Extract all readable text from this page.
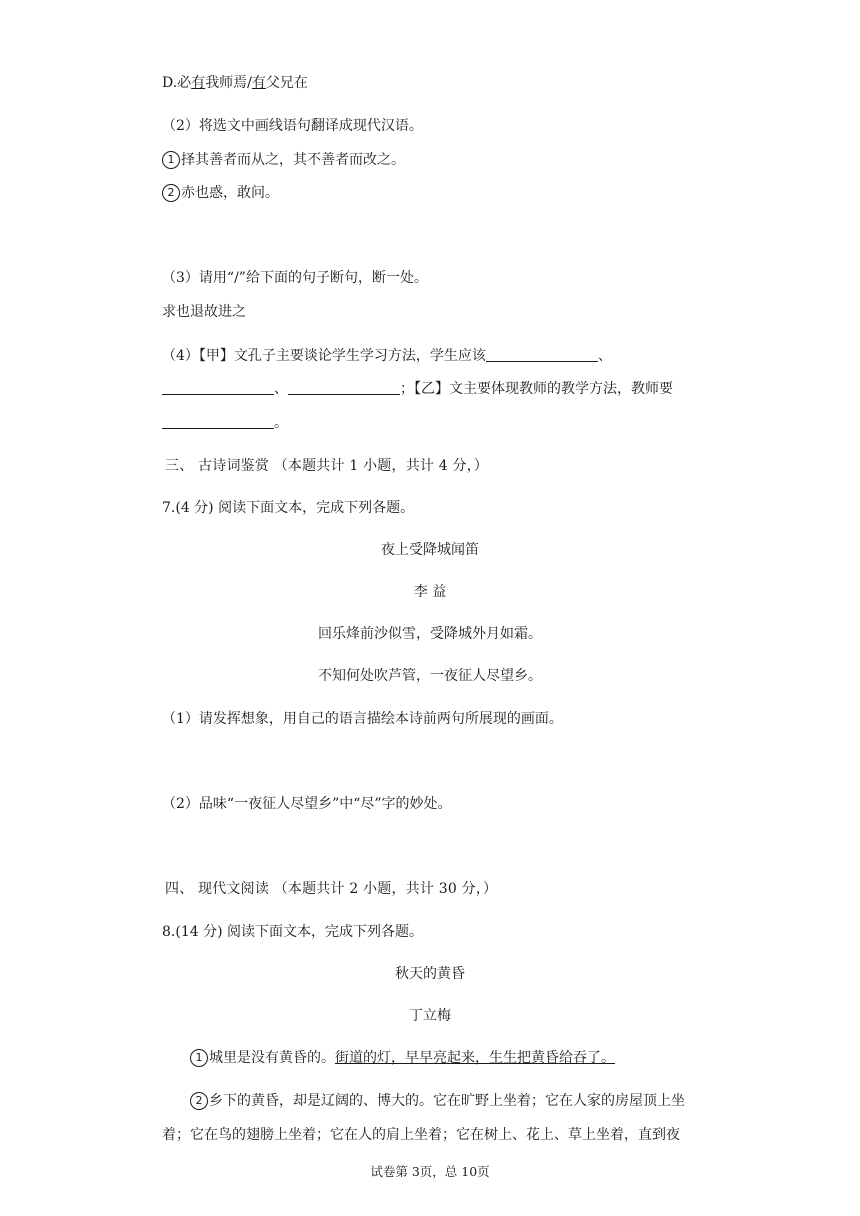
D.必有我师焉/有父兄在
（2）将选文中画线语句翻译成现代汉语。
1 择其善者而从之，其不善者而改之。
2 赤也惑，敢问。
（3）请用“/”给下面的句子断句，断一处。
求也退故进之
（4）【甲】文孔子主要谈论学生学习方法，学生应该	、
、	；【乙】文主要体现教师的教学方法，教师要
。
三、 古诗词鉴赏 （本题共计 1 小题，共计 4 分，）
7.(4 分) 阅读下面文本，完成下列各题。
夜上受降城闻笛
李 益
回乐烽前沙似雪，受降城外月如霜。
不知何处吹芦管，一夜征人尽望乡。
（1）请发挥想象，用自己的语言描绘本诗前两句所展现的画面。
（2）品味“一夜征人尽望乡”中“尽”字的妙处。
四、 现代文阅读 （本题共计 2 小题，共计 30 分，）
8.(14 分) 阅读下面文本，完成下列各题。
秋天的黄昏
丁立梅
1 城里是没有黄昏的。街道的灯，早早亮起来，生生把黄昏给吞了。
2 乡下的黄昏，却是辽阔的、博大的。它在旷野上坐着；它在人家的房屋顶上坐
着；它在鸟的翅膀上坐着；它在人的肩上坐着；它在树上、花上、草上坐着，直到夜
试卷第 3页，总 10页
